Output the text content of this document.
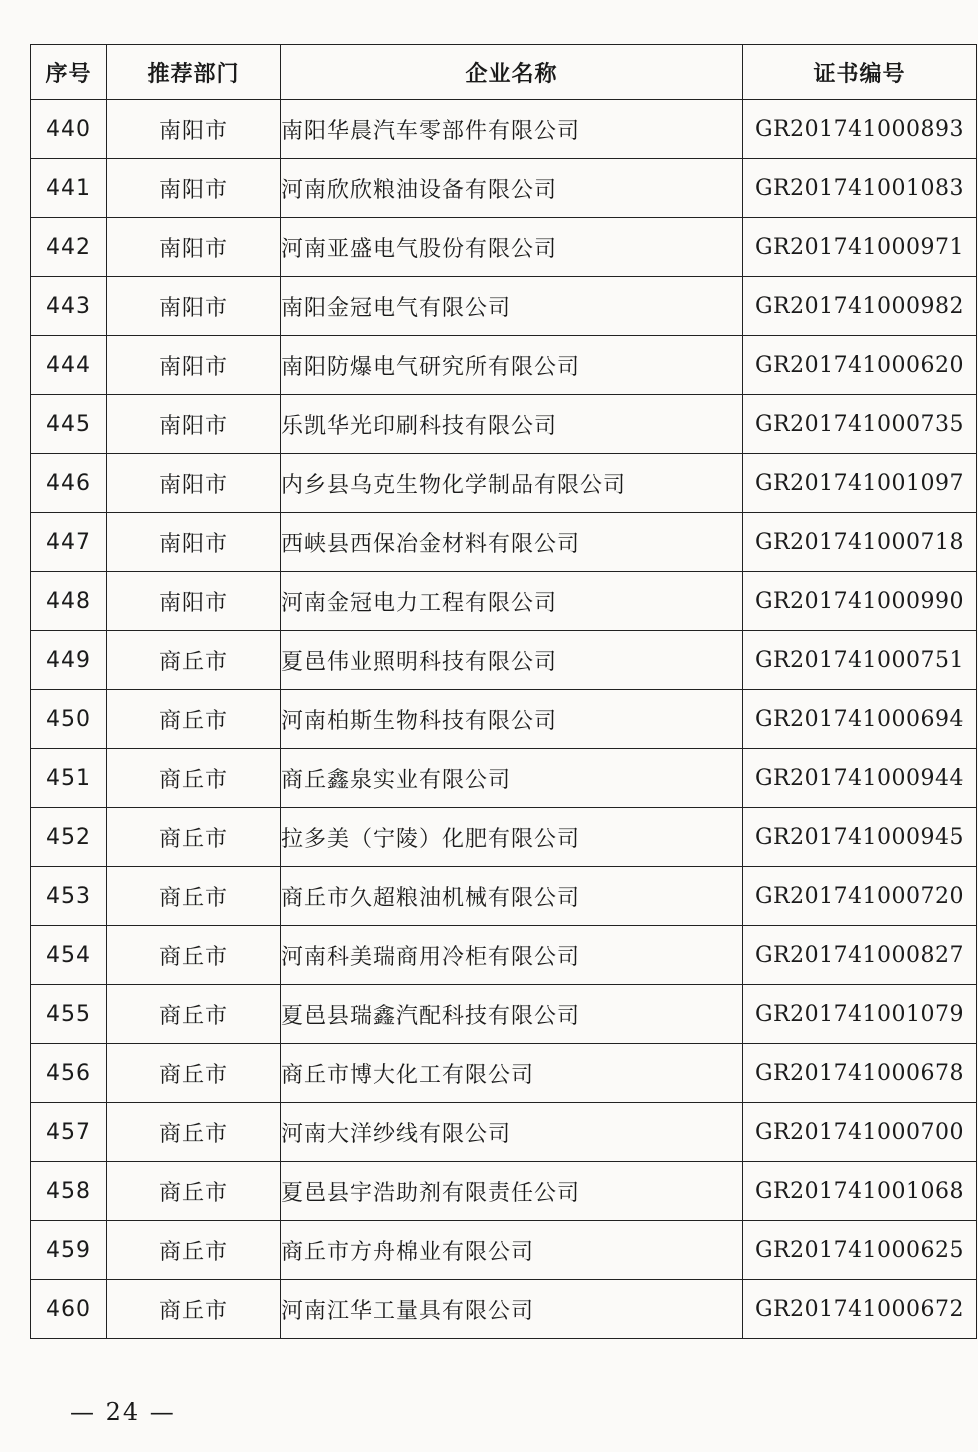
序号	推荐部门	企业名称	证书编号
440	南阳市	南阳华晨汽车零部件有限公司	GR201741000893
441	南阳市	河南欣欣粮油设备有限公司	GR201741001083
442	南阳市	河南亚盛电气股份有限公司	GR201741000971
443	南阳市	南阳金冠电气有限公司	GR201741000982
444	南阳市	南阳防爆电气研究所有限公司	GR201741000620
445	南阳市	乐凯华光印刷科技有限公司	GR201741000735
446	南阳市	内乡县乌克生物化学制品有限公司	GR201741001097
447	南阳市	西峡县西保冶金材料有限公司	GR201741000718
448	南阳市	河南金冠电力工程有限公司	GR201741000990
449	商丘市	夏邑伟业照明科技有限公司	GR201741000751
450	商丘市	河南柏斯生物科技有限公司	GR201741000694
451	商丘市	商丘鑫泉实业有限公司	GR201741000944
452	商丘市	拉多美（宁陵）化肥有限公司	GR201741000945
453	商丘市	商丘市久超粮油机械有限公司	GR201741000720
454	商丘市	河南科美瑞商用冷柜有限公司	GR201741000827
455	商丘市	夏邑县瑞鑫汽配科技有限公司	GR201741001079
456	商丘市	商丘市博大化工有限公司	GR201741000678
457	商丘市	河南大洋纱线有限公司	GR201741000700
458	商丘市	夏邑县宇浩助剂有限责任公司	GR201741001068
459	商丘市	商丘市方舟棉业有限公司	GR201741000625
460	商丘市	河南江华工量具有限公司	GR201741000672
— 24 —
